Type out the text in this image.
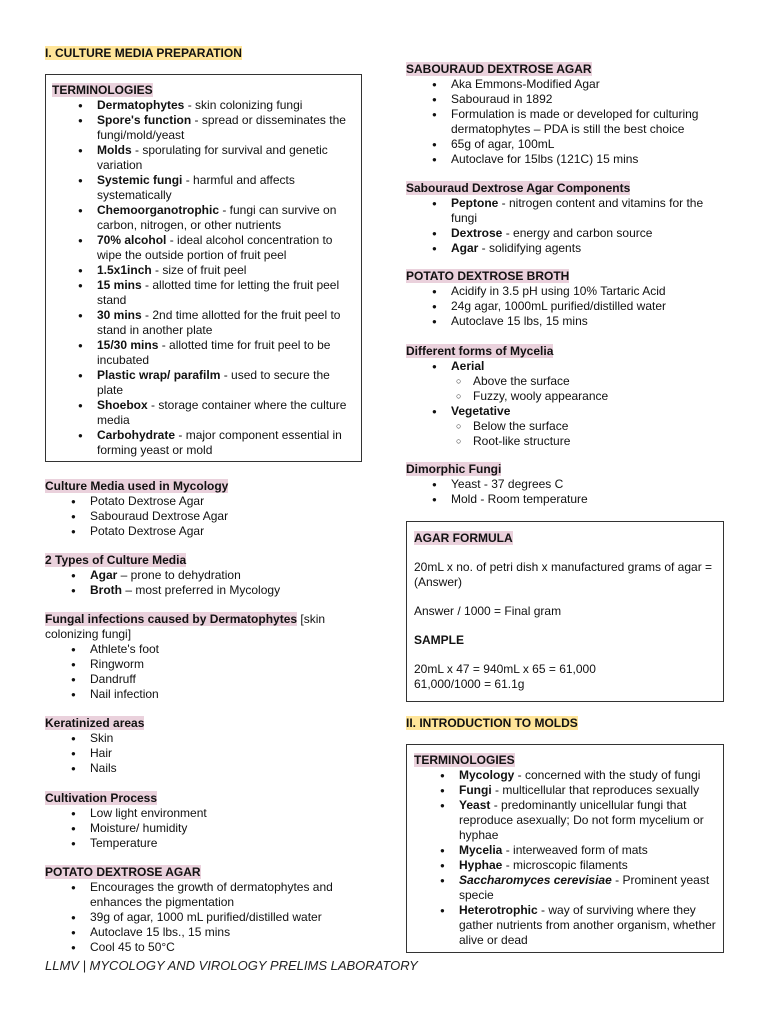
I. CULTURE MEDIA PREPARATION
TERMINOLOGIES
● Dermatophytes - skin colonizing fungi
● Spore's function - spread or disseminates the fungi/mold/yeast
● Molds - sporulating for survival and genetic variation
● Systemic fungi - harmful and affects systematically
● Chemoorganotrophic - fungi can survive on carbon, nitrogen, or other nutrients
● 70% alcohol - ideal alcohol concentration to wipe the outside portion of fruit peel
● 1.5x1inch - size of fruit peel
● 15 mins - allotted time for letting the fruit peel stand
● 30 mins - 2nd time allotted for the fruit peel to stand in another plate
● 15/30 mins - allotted time for fruit peel to be incubated
● Plastic wrap/ parafilm - used to secure the plate
● Shoebox - storage container where the culture media
● Carbohydrate - major component essential in forming yeast or mold
Culture Media used in Mycology
● Potato Dextrose Agar
● Sabouraud Dextrose Agar
● Potato Dextrose Agar
2 Types of Culture Media
● Agar – prone to dehydration
● Broth – most preferred in Mycology
Fungal infections caused by Dermatophytes [skin colonizing fungi]
● Athlete's foot
● Ringworm
● Dandruff
● Nail infection
Keratinized areas
● Skin
● Hair
● Nails
Cultivation Process
● Low light environment
● Moisture/ humidity
● Temperature
POTATO DEXTROSE AGAR
● Encourages the growth of dermatophytes and enhances the pigmentation
● 39g of agar, 1000 mL purified/distilled water
● Autoclave 15 lbs., 15 mins
● Cool 45 to 50°C
SABOURAUD DEXTROSE AGAR
● Aka Emmons-Modified Agar
● Sabouraud in 1892
● Formulation is made or developed for culturing dermatophytes – PDA is still the best choice
● 65g of agar, 100mL
● Autoclave for 15lbs (121C) 15 mins
Sabouraud Dextrose Agar Components
● Peptone - nitrogen content and vitamins for the fungi
● Dextrose - energy and carbon source
● Agar - solidifying agents
POTATO DEXTROSE BROTH
● Acidify in 3.5 pH using 10% Tartaric Acid
● 24g agar, 1000mL purified/distilled water
● Autoclave 15 lbs, 15 mins
Different forms of Mycelia
● Aerial
○ Above the surface
○ Fuzzy, wooly appearance
● Vegetative
○ Below the surface
○ Root-like structure
Dimorphic Fungi
● Yeast - 37 degrees C
● Mold - Room temperature
AGAR FORMULA
20mL x no. of petri dish x manufactured grams of agar = (Answer)
Answer / 1000 = Final gram
SAMPLE
20mL x 47 = 940mL x 65 = 61,000
61,000/1000 = 61.1g
II. INTRODUCTION TO MOLDS
TERMINOLOGIES
● Mycology - concerned with the study of fungi
● Fungi - multicellular that reproduces sexually
● Yeast - predominantly unicellular fungi that reproduce asexually; Do not form mycelium or hyphae
● Mycelia - interweaved form of mats
● Hyphae - microscopic filaments
● Saccharomyces cerevisiae - Prominent yeast specie
● Heterotrophic - way of surviving where they gather nutrients from another organism, whether alive or dead
LLMV | MYCOLOGY AND VIROLOGY PRELIMS LABORATORY
